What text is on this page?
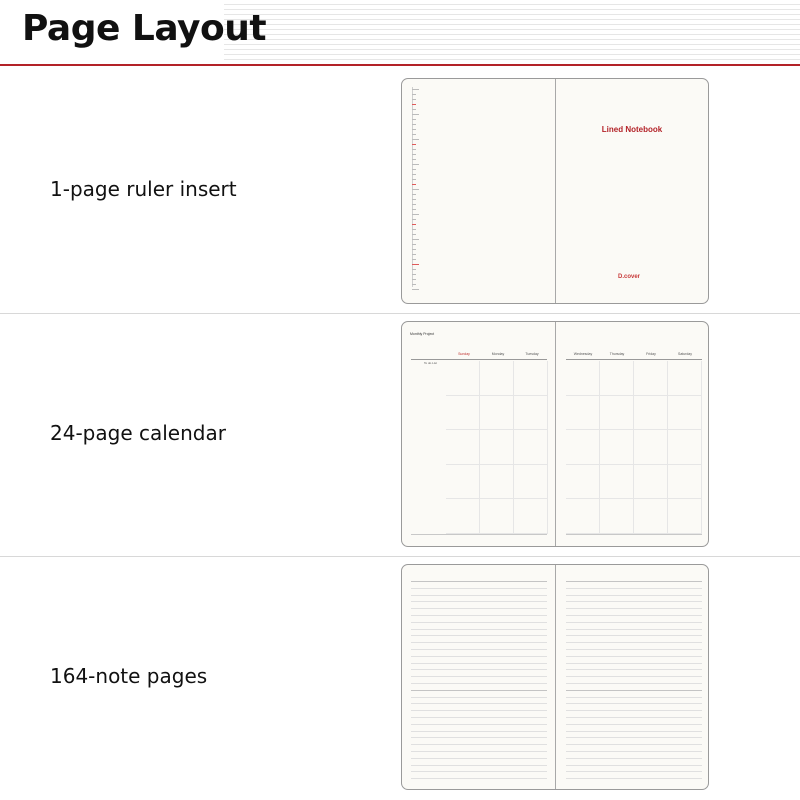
Page Layout
1-page ruler insert
Lined Notebook
D.cover
24-page calendar
Monthly Project
Sunday	Monday	Tuesday
To do List
Wednesday	Thursday	Friday	Saturday
164-note pages
